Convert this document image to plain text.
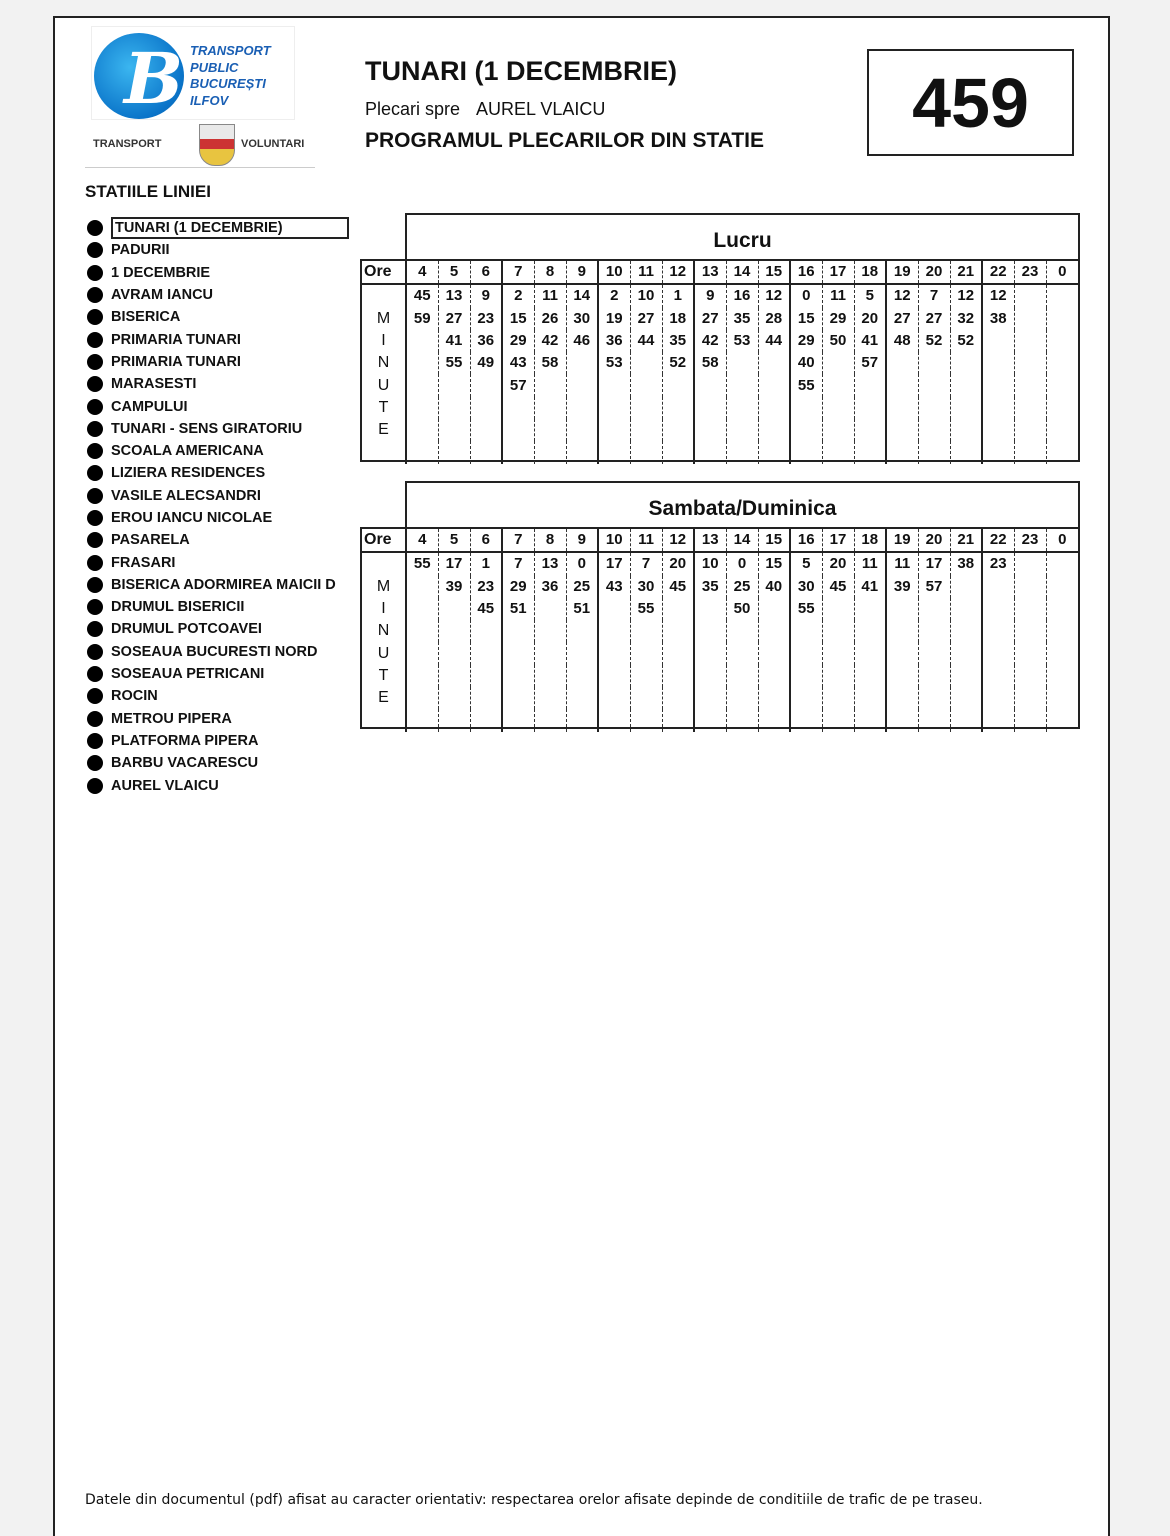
B TRANSPORT
PUBLIC
BUCUREȘTI
ILFOV
TRANSPORT	VOLUNTARI
TUNARI (1 DECEMBRIE)
Plecari spre AUREL VLAICU
PROGRAMUL PLECARILOR DIN STATIE	459
STATIILE LINIEI
TUNARI (1 DECEMBRIE)
PADURII
1 DECEMBRIE
AVRAM IANCU
BISERICA
PRIMARIA TUNARI
PRIMARIA TUNARI
MARASESTI
CAMPULUI
TUNARI - SENS GIRATORIU
SCOALA AMERICANA
LIZIERA RESIDENCES
VASILE ALECSANDRI
EROU IANCU NICOLAE
PASARELA
FRASARI
BISERICA ADORMIREA MAICII D
DRUMUL BISERICII
DRUMUL POTCOAVEI
SOSEAUA BUCURESTI NORD
SOSEAUA PETRICANI
ROCIN
METROU PIPERA
PLATFORMA PIPERA
BARBU VACARESCU
AUREL VLAICU
Lucru
Ore	4	5	6	7	8	9	10	11	12	13	14	15	16	17	18	19	20	21	22	23	0
	45	13	9	2	11	14	2	10	1	9	16	12	0	11	5	12	7	12	12		
M	59	27	23	15	26	30	19	27	18	27	35	28	15	29	20	27	27	32	38		
I		41	36	29	42	46	36	44	35	42	53	44	29	50	41	48	52	52			
N		55	49	43	58		53		52	58			40		57						
U				57									55								
T																					
E																					

Sambata/Duminica
Ore	4	5	6	7	8	9	10	11	12	13	14	15	16	17	18	19	20	21	22	23	0
	55	17	1	7	13	0	17	7	20	10	0	15	5	20	11	11	17	38	23		
M		39	23	29	36	25	43	30	45	35	25	40	30	45	41	39	57				
I			45	51		51		55			50		55								
N																					
U																					
T																					
E																					

Datele din documentul (pdf) afisat au caracter orientativ: respectarea orelor afisate depinde de conditiile de trafic de pe traseu.
